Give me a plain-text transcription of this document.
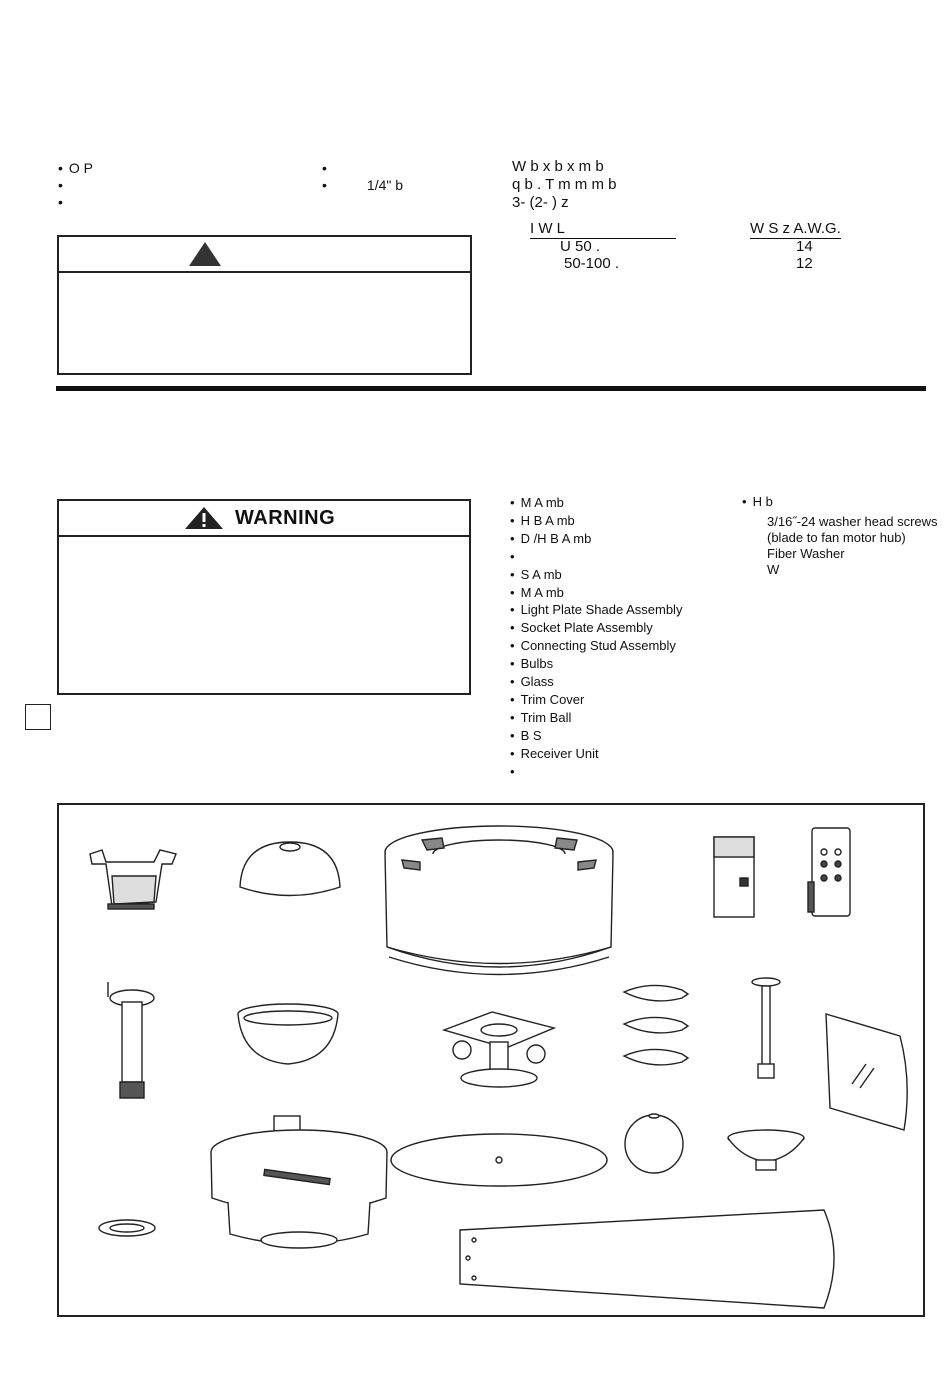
• O P
•
•
•
• 1/4" b
W b x b x m b
q b . T m m m b
3- (2- ) z
I W L	W S z A.W.G.
U 50 .	14
50-100 .	12
WARNING
• M A mb
• H B A mb
• D /H B A mb
•
• S A mb
• M A mb
• Light Plate Shade Assembly
• Socket Plate Assembly
• Connecting Stud Assembly
• Bulbs
• Glass
• Trim Cover
• Trim Ball
• B S
• Receiver Unit
•
• H b
3/16˝-24 washer head screws
(blade to fan motor hub)
Fiber Washer
W
